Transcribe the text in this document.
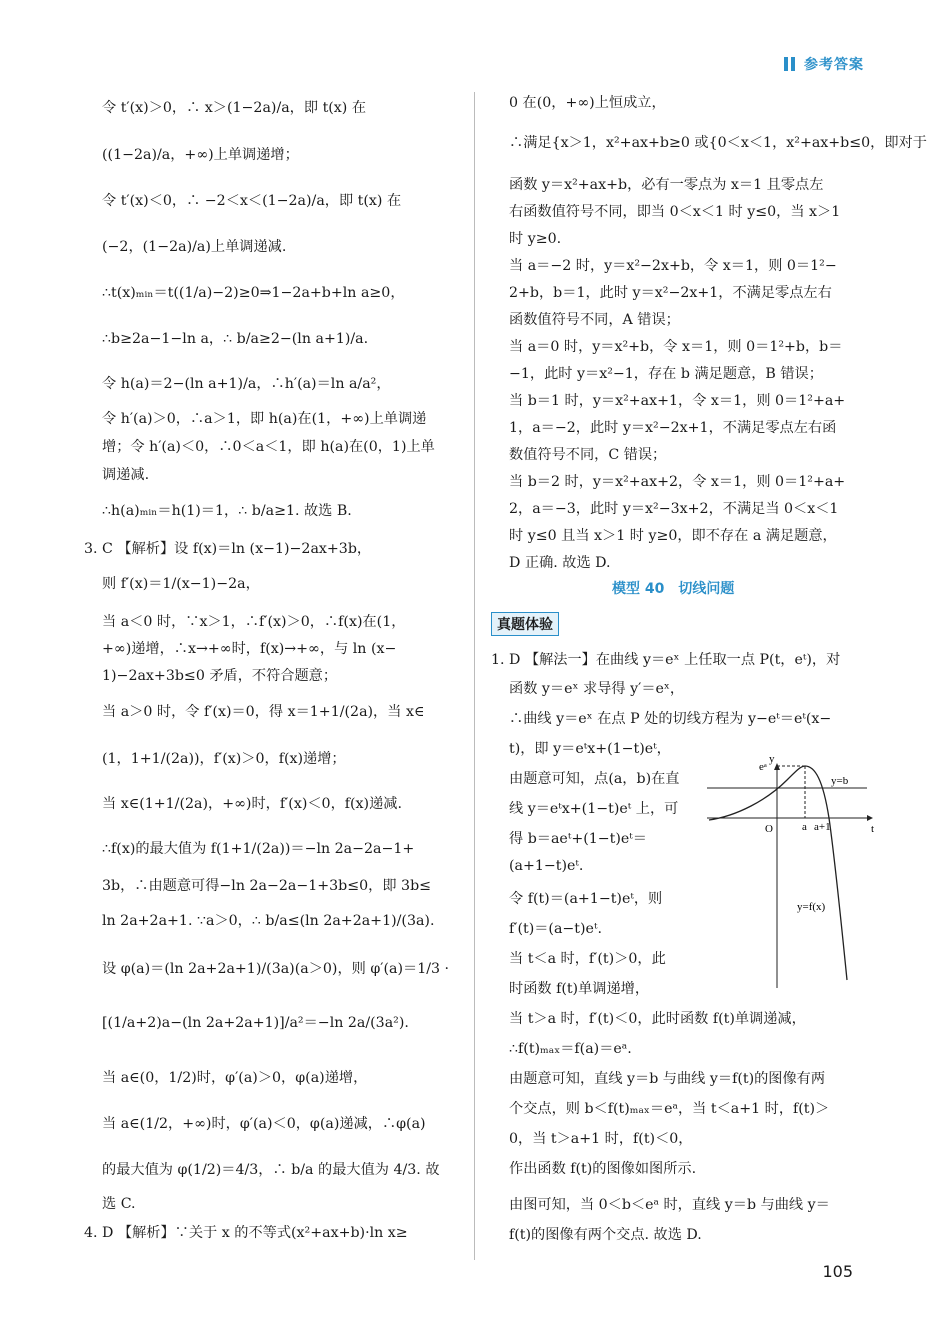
参考答案
令 t′(x)＞0，∴ x＞(1−2a)/a，即 t(x) 在
((1−2a)/a，+∞)上单调递增；
令 t′(x)＜0，∴ −2＜x＜(1−2a)/a，即 t(x) 在
(−2，(1−2a)/a)上单调递减.
∴t(x)ₘᵢₙ＝t((1/a)−2)≥0⇒1−2a+b+ln a≥0，
∴b≥2a−1−ln a，∴ b/a≥2−(ln a+1)/a.
令 h(a)＝2−(ln a+1)/a，∴h′(a)＝ln a/a²，
令 h′(a)＞0，∴a＞1，即 h(a)在(1，+∞)上单调递
增；令 h′(a)＜0，∴0＜a＜1，即 h(a)在(0，1)上单
调递减.
∴h(a)ₘᵢₙ＝h(1)＝1，∴ b/a≥1. 故选 B.
3. C 【解析】设 f(x)＝ln (x−1)−2ax+3b，
则 f′(x)＝1/(x−1)−2a，
当 a＜0 时，∵x＞1，∴f′(x)＞0，∴f(x)在(1，
+∞)递增，∴x→+∞时，f(x)→+∞，与 ln (x−
1)−2ax+3b≤0 矛盾，不符合题意；
当 a＞0 时，令 f′(x)＝0，得 x＝1+1/(2a)，当 x∈
(1，1+1/(2a))，f′(x)＞0，f(x)递增；
当 x∈(1+1/(2a)，+∞)时，f′(x)＜0，f(x)递减.
∴f(x)的最大值为 f(1+1/(2a))＝−ln 2a−2a−1+
3b，∴由题意可得−ln 2a−2a−1+3b≤0，即 3b≤
ln 2a+2a+1. ∵a＞0，∴ b/a≤(ln 2a+2a+1)/(3a).
设 φ(a)＝(ln 2a+2a+1)/(3a)(a＞0)，则 φ′(a)＝1/3 ·
[(1/a+2)a−(ln 2a+2a+1)]/a²＝−ln 2a/(3a²).
当 a∈(0，1/2)时，φ′(a)＞0，φ(a)递增，
当 a∈(1/2，+∞)时，φ′(a)＜0，φ(a)递减，∴φ(a)
的最大值为 φ(1/2)＝4/3，∴ b/a 的最大值为 4/3. 故
选 C.
4. D 【解析】∵关于 x 的不等式(x²+ax+b)·ln x≥
0 在(0，+∞)上恒成立，
∴满足{x＞1，x²+ax+b≥0 或{0＜x＜1，x²+ax+b≤0，即对于
函数 y＝x²+ax+b，必有一零点为 x＝1 且零点左
右函数值符号不同，即当 0＜x＜1 时 y≤0，当 x＞1
时 y≥0.
当 a＝−2 时，y＝x²−2x+b，令 x＝1，则 0＝1²−
2+b，b＝1，此时 y＝x²−2x+1，不满足零点左右
函数值符号不同，A 错误；
当 a＝0 时，y＝x²+b，令 x＝1，则 0＝1²+b，b＝
−1，此时 y＝x²−1，存在 b 满足题意，B 错误；
当 b＝1 时，y＝x²+ax+1，令 x＝1，则 0＝1²+a+
1，a＝−2，此时 y＝x²−2x+1，不满足零点左右函
数值符号不同，C 错误；
当 b＝2 时，y＝x²+ax+2，令 x＝1，则 0＝1²+a+
2，a＝−3，此时 y＝x²−3x+2，不满足当 0＜x＜1
时 y≤0 且当 x＞1 时 y≥0，即不存在 a 满足题意，
D 正确. 故选 D.
模型 40　切线问题
真题体验
1. D 【解法一】在曲线 y＝eˣ 上任取一点 P(t，eᵗ)，对
函数 y＝eˣ 求导得 y′＝eˣ，
∴曲线 y＝eˣ 在点 P 处的切线方程为 y−eᵗ＝eᵗ(x−
t)，即 y＝eᵗx+(1−t)eᵗ，
由题意可知，点(a，b)在直
线 y＝eᵗx+(1−t)eᵗ 上，可
得 b＝aeᵗ+(1−t)eᵗ＝
(a+1−t)eᵗ.
令 f(t)＝(a+1−t)eᵗ，则
f′(t)＝(a−t)eᵗ.
当 t＜a 时，f′(t)＞0，此
时函数 f(t)单调递增，
当 t＞a 时，f′(t)＜0，此时函数 f(t)单调递减，
∴f(t)ₘₐₓ＝f(a)＝eᵃ.
由题意可知，直线 y＝b 与曲线 y＝f(t)的图像有两
个交点，则 b＜f(t)ₘₐₓ＝eᵃ，当 t＜a+1 时，f(t)＞
0，当 t＞a+1 时，f(t)＜0，
作出函数 f(t)的图像如图所示.
由图可知，当 0＜b＜eᵃ 时，直线 y＝b 与曲线 y＝
f(t)的图像有两个交点. 故选 D.
y
t
O
eᵃ
y=b
a a+1
y=f(x)
105
